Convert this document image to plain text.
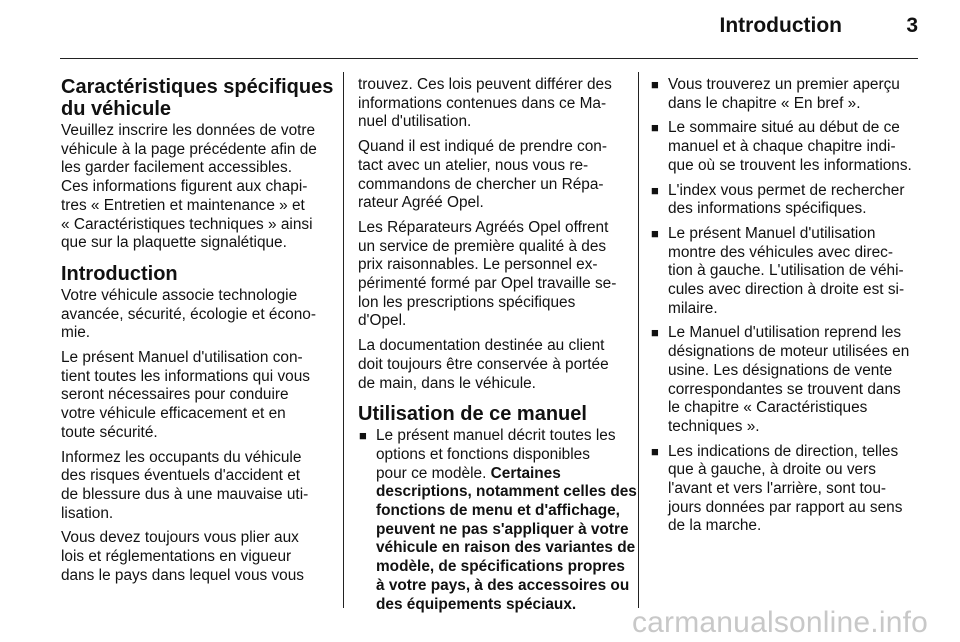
Introduction	3
Caractéristiques spécifiques
du véhicule

Veuillez inscrire les données de votre
véhicule à la page précédente afin de
les garder facilement accessibles.
Ces informations figurent aux chapi-
tres « Entretien et maintenance » et
« Caractéristiques techniques » ainsi
que sur la plaquette signalétique.

Introduction

Votre véhicule associe technologie
avancée, sécurité, écologie et écono-
mie.

Le présent Manuel d'utilisation con-
tient toutes les informations qui vous
seront nécessaires pour conduire
votre véhicule efficacement et en
toute sécurité.

Informez les occupants du véhicule
des risques éventuels d'accident et
de blessure dus à une mauvaise uti-
lisation.

Vous devez toujours vous plier aux
lois et réglementations en vigueur
dans le pays dans lequel vous vous

trouvez. Ces lois peuvent différer des
informations contenues dans ce Ma-
nuel d'utilisation.

Quand il est indiqué de prendre con-
tact avec un atelier, nous vous re-
commandons de chercher un Répa-
rateur Agréé Opel.

Les Réparateurs Agréés Opel offrent
un service de première qualité à des
prix raisonnables. Le personnel ex-
périmenté formé par Opel travaille se-
lon les prescriptions spécifiques
d'Opel.

La documentation destinée au client
doit toujours être conservée à portée
de main, dans le véhicule.

Utilisation de ce manuel
■ Le présent manuel décrit toutes les
options et fonctions disponibles
pour ce modèle. Certaines
descriptions, notamment celles des
fonctions de menu et d'affichage,
peuvent ne pas s'appliquer à votre
véhicule en raison des variantes de
modèle, de spécifications propres
à votre pays, à des accessoires ou
des équipements spéciaux.
■ Vous trouverez un premier aperçu
dans le chapitre « En bref ».
■ Le sommaire situé au début de ce
manuel et à chaque chapitre indi-
que où se trouvent les informations.
■ L'index vous permet de rechercher
des informations spécifiques.
■ Le présent Manuel d'utilisation
montre des véhicules avec direc-
tion à gauche. L'utilisation de véhi-
cules avec direction à droite est si-
milaire.
■ Le Manuel d'utilisation reprend les
désignations de moteur utilisées en
usine. Les désignations de vente
correspondantes se trouvent dans
le chapitre « Caractéristiques
techniques ».
■ Les indications de direction, telles
que à gauche, à droite ou vers
l'avant et vers l'arrière, sont tou-
jours données par rapport au sens
de la marche.
carmanualsonline.info
